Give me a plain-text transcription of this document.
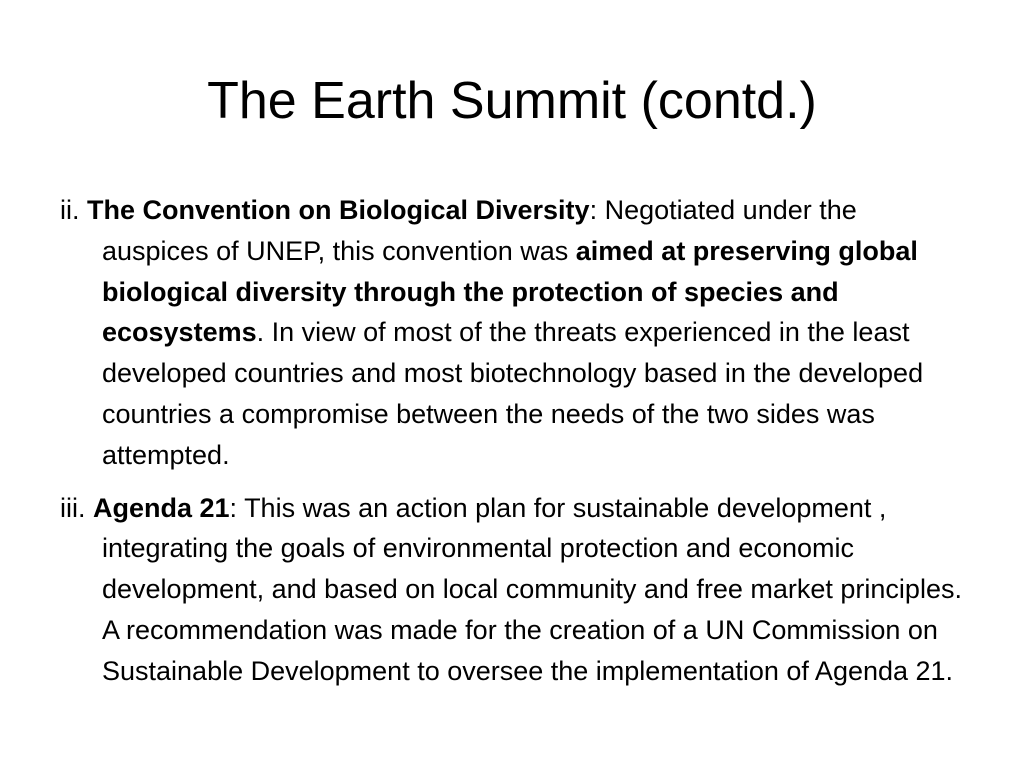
The Earth Summit (contd.)

ii. The Convention on Biological Diversity: Negotiated under the auspices of UNEP, this convention was aimed at preserving global biological diversity through the protection of species and ecosystems. In view of most of the threats experienced in the least developed countries and most biotechnology based in the developed countries a compromise between the needs of the two sides was attempted.

iii. Agenda 21: This was an action plan for sustainable development , integrating the goals of environmental protection and economic development, and based on local community and free market principles. A recommendation was made for the creation of a UN Commission on Sustainable Development to oversee the implementation of Agenda 21.
